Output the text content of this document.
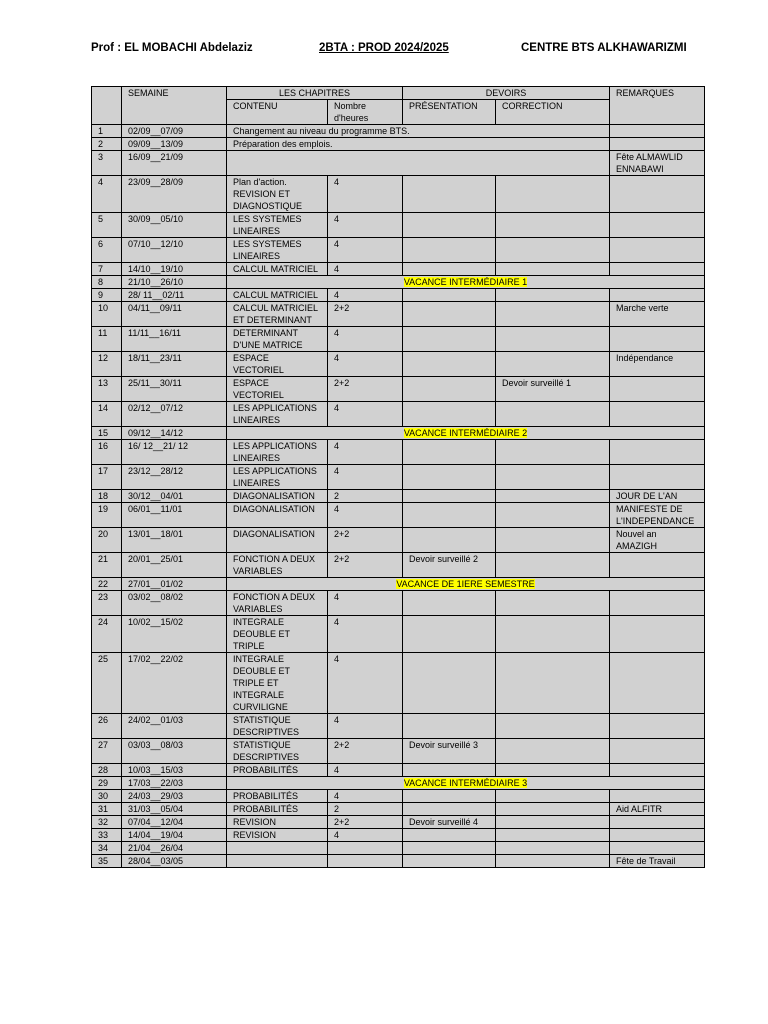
Prof : EL MOBACHI Abdelaziz	2BTA : PROD 2024/2025	CENTRE BTS ALKHAWARIZMI
	SEMAINE	LES CHAPITRES		DEVOIRS		REMARQUES
		CONTENU	Nombre d'heures	PRÉSENTATION	CORRECTION	
1	02/09__07/09	Changement au niveau du programme BTS.				
2	09/09__13/09	Préparation des emplois.				
3	16/09__21/09					Fête ALMAWLID ENNABAWI
4	23/09__28/09	Plan d'action. REVISION ET DIAGNOSTIQUE	4			
5	30/09__05/10	LES SYSTEMES LINEAIRES	4			
6	07/10__12/10	LES SYSTEMES LINEAIRES	4			
7	14/10__19/10	CALCUL MATRICIEL	4			
8	21/10__26/10	VACANCE INTERMÉDIAIRE 1				
9	28/ 11__02/11	CALCUL MATRICIEL	4			
10	04/11__09/11	CALCUL MATRICIEL ET DETERMINANT	2+2			Marche verte
11	11/11__16/11	DETERMINANT D'UNE MATRICE	4			
12	18/11__23/11	ESPACE VECTORIEL	4			Indépendance
13	25/11__30/11	ESPACE VECTORIEL	2+2		Devoir surveillé 1	
14	02/12__07/12	LES APPLICATIONS LINEAIRES	4			
15	09/12__14/12	VACANCE INTERMÉDIAIRE 2				
16	16/ 12__21/ 12	LES APPLICATIONS LINEAIRES	4			
17	23/12__28/12	LES APPLICATIONS LINEAIRES	4			
18	30/12__04/01	DIAGONALISATION	2			JOUR DE L'AN
19	06/01__11/01	DIAGONALISATION	4			MANIFESTE DE L'INDEPENDANCE
20	13/01__18/01	DIAGONALISATION	2+2			Nouvel an AMAZIGH
21	20/01__25/01	FONCTION A DEUX VARIABLES	2+2	Devoir surveillé 2		
22	27/01__01/02	VACANCE DE 1IERE SEMESTRE				
23	03/02__08/02	FONCTION A DEUX VARIABLES	4			
24	10/02__15/02	INTEGRALE DEOUBLE ET TRIPLE	4			
25	17/02__22/02	INTEGRALE DEOUBLE ET TRIPLE ET INTEGRALE CURVILIGNE	4			
26	24/02__01/03	STATISTIQUE DESCRIPTIVES	4			
27	03/03__08/03	STATISTIQUE DESCRIPTIVES	2+2	Devoir surveillé 3		
28	10/03__15/03	PROBABILITÉS	4			
29	17/03__22/03	VACANCE INTERMÉDIAIRE 3				
30	24/03__29/03	PROBABILITÉS	4			
31	31/03__05/04	PROBABILITÉS	2			Aid ALFITR
32	07/04__12/04	REVISION	2+2	Devoir surveillé 4		
33	14/04__19/04	REVISION	4			
34	21/04__26/04					
35	28/04__03/05					Fête de Travail
